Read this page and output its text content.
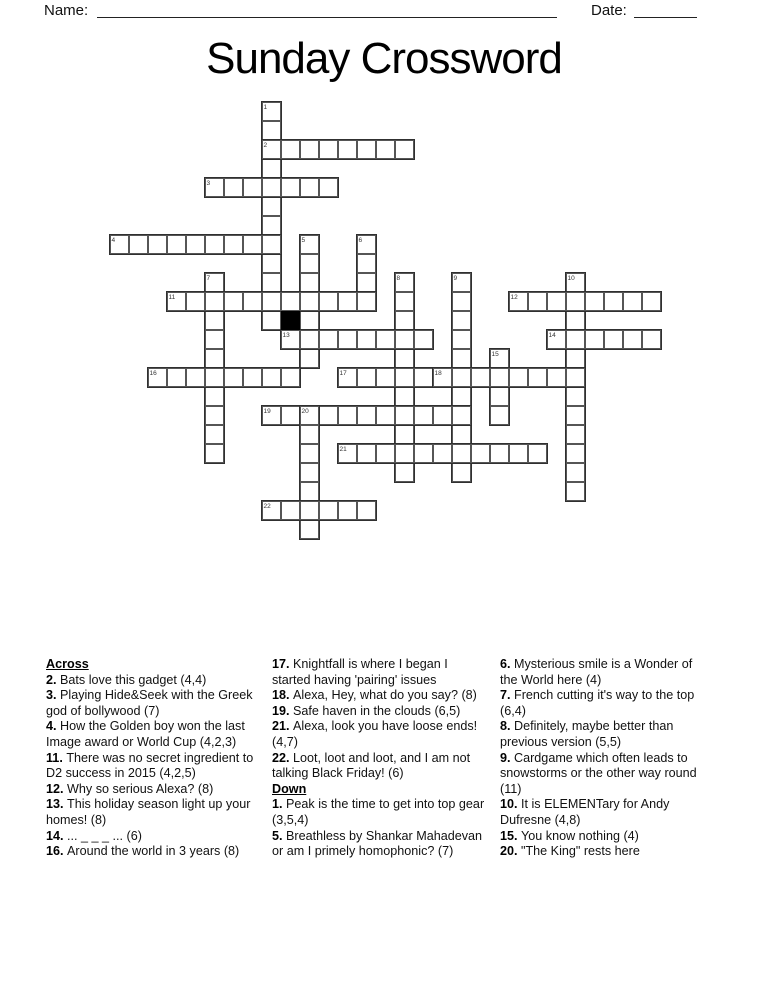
Name:	Date:
Sunday Crossword
1
2
3
4	5	6
7	8	9	10
11	12
13	14
15
16	17	18
19	20
21
22
Across
2. Bats love this gadget (4,4)
3. Playing Hide&Seek with the Greek god of bollywood (7)
4. How the Golden boy won the last Image award or World Cup (4,2,3)
11. There was no secret ingredient to D2 success in 2015 (4,2,5)
12. Why so serious Alexa? (8)
13. This holiday season light up your homes! (8)
14. ... _ _ _ ... (6)
16. Around the world in 3 years (8)
17. Knightfall is where I began I started having 'pairing' issues
18. Alexa, Hey, what do you say? (8)
19. Safe haven in the clouds (6,5)
21. Alexa, look you have loose ends! (4,7)
22. Loot, loot and loot, and I am not talking Black Friday! (6)
Down
1. Peak is the time to get into top gear (3,5,4)
5. Breathless by Shankar Mahadevan or am I primely homophonic? (7)
6. Mysterious smile is a Wonder of the World here (4)
7. French cutting it's way to the top (6,4)
8. Definitely, maybe better than previous version (5,5)
9. Cardgame which often leads to snowstorms or the other way round (11)
10. It is ELEMENTary for Andy Dufresne (4,8)
15. You know nothing (4)
20. "The King" rests here
